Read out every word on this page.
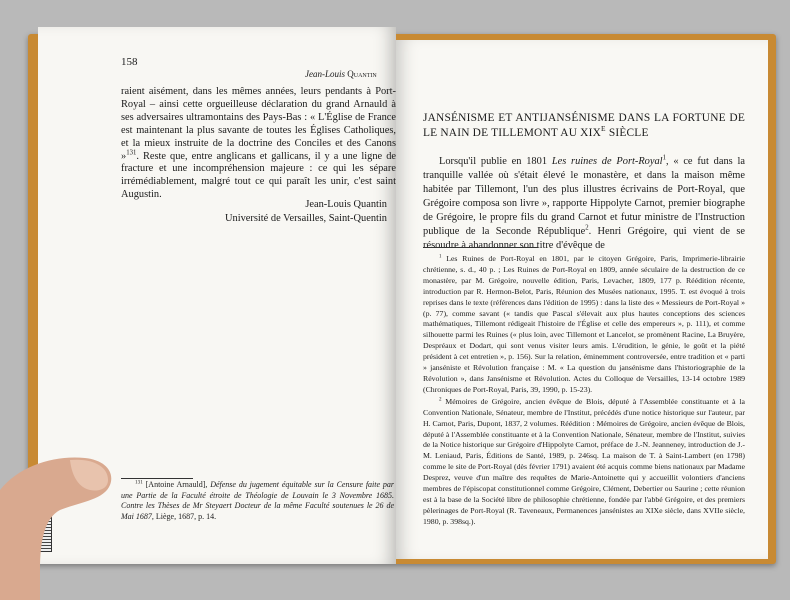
158
Jean-Louis Quantin

raient aisément, dans les mêmes années, leurs pendants à Port-Royal – ainsi cette orgueilleuse déclaration du grand Arnauld à ses adversaires ultramontains des Pays-Bas : « L'Église de France est maintenant la plus savante de toutes les Églises Catholiques, et la mieux instruite de la doctrine des Conciles et des Canons »$^{131}$. Reste que, entre anglicans et gallicans, il y a une ligne de fracture et une incompréhension majeure : ce qui les sépare irrémédiablement, malgré tout ce qui paraît les unir, c'est saint Augustin.

Jean-Louis Quantin
Université de Versailles, Saint-Quentin

$^{131}$ [Antoine Arnauld], Défense du jugement équitable sur la Censure faite par une Partie de la Faculté étroite de Théologie de Louvain le 3 Novembre 1685. Contre les Thèses de Mr Steyaert Docteur de la même Faculté soutenues le 26 de Mai 1687, Liège, 1687, p. 14.

JANSÉNISME ET ANTIJANSÉNISME DANS LA FORTUNE DE LE NAIN DE TILLEMONT AU $XIX^E$ SIÈCLE

Lorsqu'il publie en 1801 Les ruines de Port-Royal$^1$, « ce fut dans la tranquille vallée où s'était élevé le monastère, et dans la maison même habitée par Tillemont, l'un des plus illustres écrivains de Port-Royal, que Grégoire composa son livre », rapporte Hippolyte Carnot, premier biographe de Grégoire, le propre fils du grand Carnot et futur ministre de l'Instruction publique de la Seconde République$^2$. Henri Grégoire, qui vient de se résoudre à abandonner son titre d'évêque de

$^1$ Les Ruines de Port-Royal en 1801, par le citoyen Grégoire, Paris, Imprimerie-librairie chrétienne, s. d., 40 p. ; Les Ruines de Port-Royal en 1809, année séculaire de la destruction de ce monastère, par M. Grégoire, nouvelle édition, Paris, Levacher, 1809, 177 p. Réédition récente, introduction par R. Hermon-Belot, Paris, Réunion des Musées nationaux, 1995. T. est évoqué à trois reprises dans le texte (références dans l'édition de 1995) : dans la liste des « Messieurs de Port-Royal » (p. 77), comme savant (« tandis que Pascal s'élevait aux plus hautes conceptions des sciences mathématiques, Tillemont rédigeait l'histoire de l'Église et celle des empereurs », p. 111), et comme silhouette parmi les Ruines (« plus loin, avec Tillemont et Lancelot, se promènent Racine, La Bruyère, Despréaux et Dodart, qui sont venus visiter leurs amis. L'érudition, le génie, le goût et la piété président à cet entretien », p. 156). Sur la relation, éminemment controversée, entre tradition et « parti » janséniste et Révolution française : M. « La question du jansénisme dans l'historiographie de la Révolution », dans Jansénisme et Révolution. Actes du Colloque de Versailles, 13-14 octobre 1989 (Chroniques de Port-Royal, Paris, 39, 1990, p. 15-23).

$^2$ Mémoires de Grégoire, ancien évêque de Blois, député à l'Assemblée constituante et à la Convention Nationale, Sénateur, membre de l'Institut, précédés d'une notice historique sur l'auteur, par H. Carnot, Paris, Dupont, 1837, 2 volumes. Réédition : Mémoires de Grégoire, ancien évêque de Blois, député à l'Assemblée constituante et à la Convention Nationale, Sénateur, membre de l'Institut, suivies de la Notice historique sur Grégoire d'Hippolyte Carnot, préface de J.-N. Jeanneney, introduction de J.-M. Leniaud, Paris, Éditions de Santé, 1989, p. 246sq. La maison de T. à Saint-Lambert (en 1798) comme le site de Port-Royal (dès février 1791) avaient été acquis comme biens nationaux par Madame Desprez, veuve d'un maître des requêtes de Marie-Antoinette qui y accueillit volontiers d'anciens membres de l'épiscopat constitutionnel comme Grégoire, Clément, Debertier ou Saurine ; cette réunion est à la base de la Société libre de philosophie chrétienne, fondée par l'abbé Grégoire, et des premiers pèlerinages de Port-Royal (R. Taveneaux, Permanences jansénistes au XIXe siècle, dans XVIIe siècle, 1980, p. 398sq.).
